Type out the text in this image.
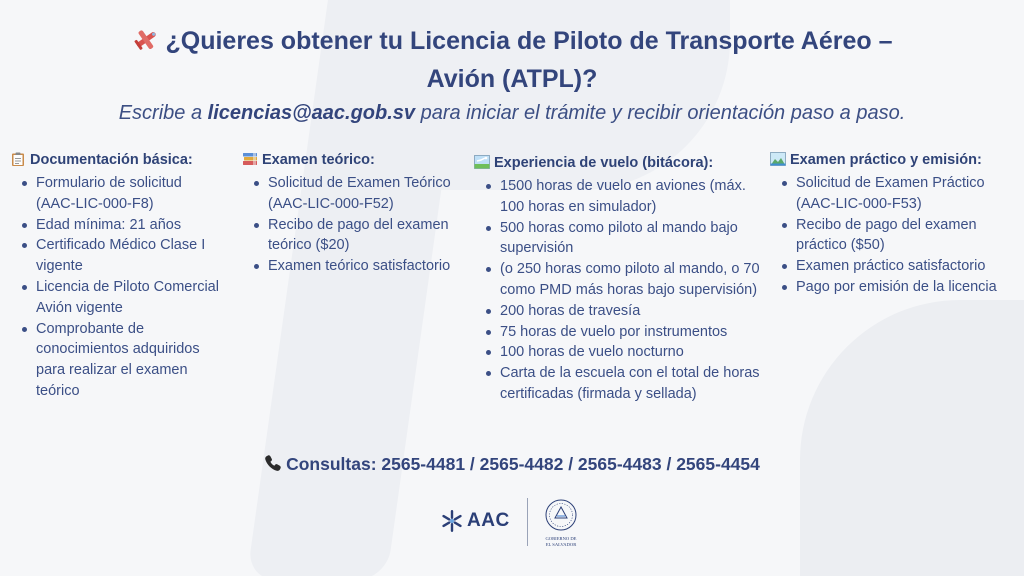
¿Quieres obtener tu Licencia de Piloto de Transporte Aéreo –
Avión (ATPL)?

Escribe a licencias@aac.gob.sv para iniciar el trámite y recibir orientación paso a paso.

Documentación básica:
Formulario de solicitud (AAC-LIC-000-F8)
Edad mínima: 21 años
Certificado Médico Clase I vigente
Licencia de Piloto Comercial Avión vigente
Comprobante de conocimientos adquiridos para realizar el examen teórico
Examen teórico:
Solicitud de Examen Teórico (AAC-LIC-000-F52)
Recibo de pago del examen teórico ($20)
Examen teórico satisfactorio
Experiencia de vuelo (bitácora):
1500 horas de vuelo en aviones (máx. 100 horas en simulador)
500 horas como piloto al mando bajo supervisión
(o 250 horas como piloto al mando, o 70 como PMD más horas bajo supervisión)
200 horas de travesía
75 horas de vuelo por instrumentos
100 horas de vuelo nocturno
Carta de la escuela con el total de horas certificadas (firmada y sellada)
Examen práctico y emisión:
Solicitud de Examen Práctico (AAC-LIC-000-F53)
Recibo de pago del examen práctico ($50)
Examen práctico satisfactorio
Pago por emisión de la licencia
Consultas: 2565-4481 / 2565-4482 / 2565-4483 / 2565-4454
AAC
GOBIERNO DE
EL SALVADOR
